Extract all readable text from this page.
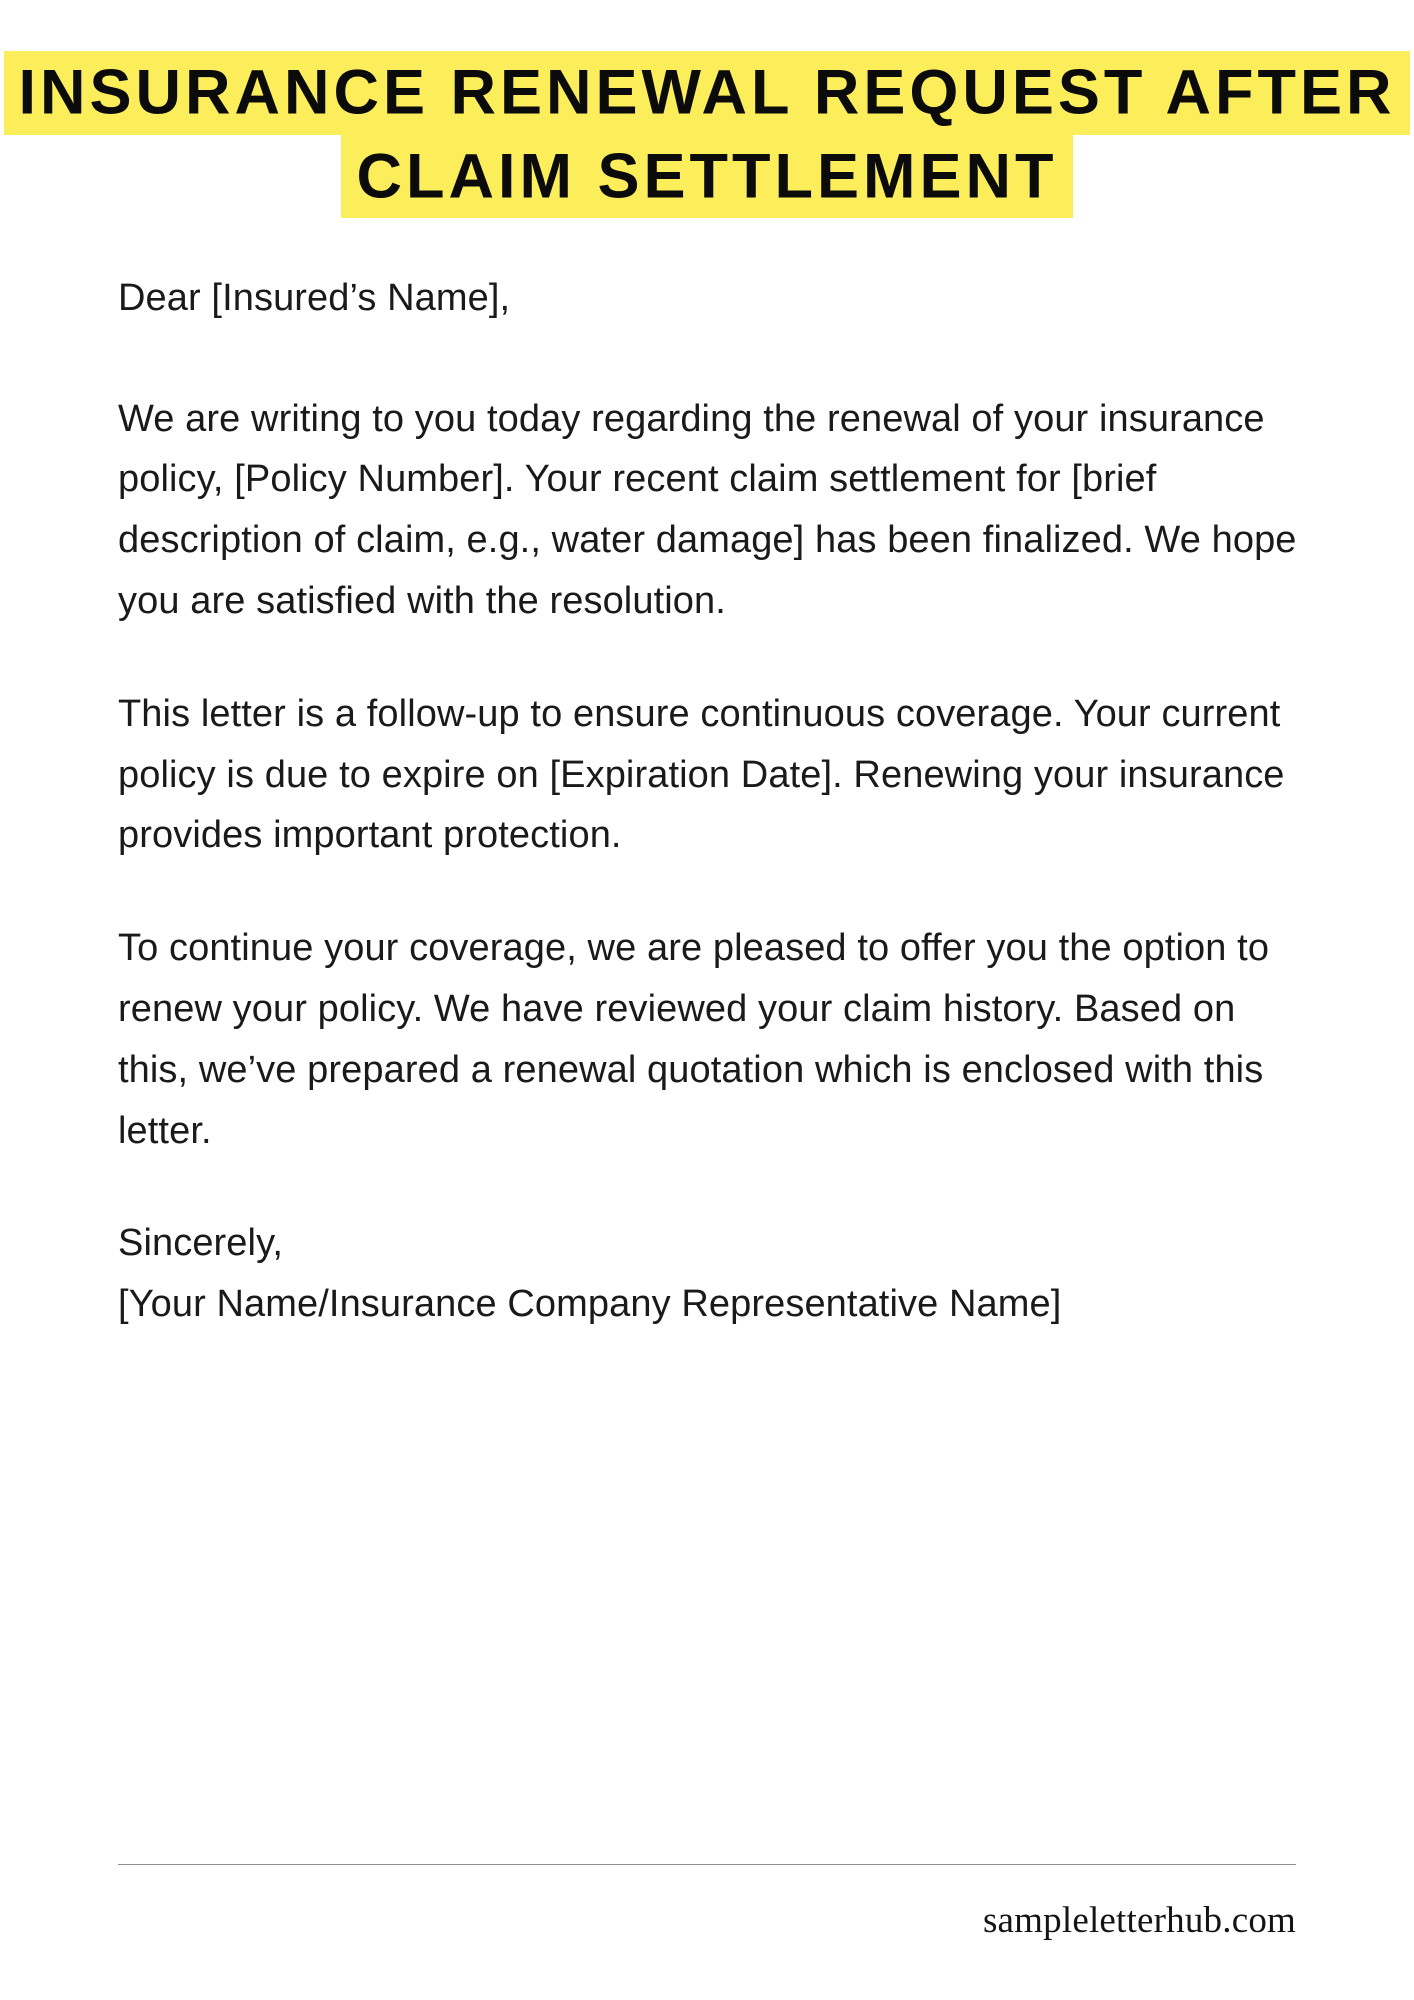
INSURANCE RENEWAL REQUEST AFTER
CLAIM SETTLEMENT

Dear [Insured’s Name],

We are writing to you today regarding the renewal of your insurance policy, [Policy Number]. Your recent claim settlement for [brief description of claim, e.g., water damage] has been finalized. We hope you are satisfied with the resolution.

This letter is a follow-up to ensure continuous coverage. Your current policy is due to expire on [Expiration Date]. Renewing your insurance provides important protection.

To continue your coverage, we are pleased to offer you the option to renew your policy. We have reviewed your claim history. Based on this, we’ve prepared a renewal quotation which is enclosed with this letter.

Sincerely,
[Your Name/Insurance Company Representative Name]

sampleletterhub.com
